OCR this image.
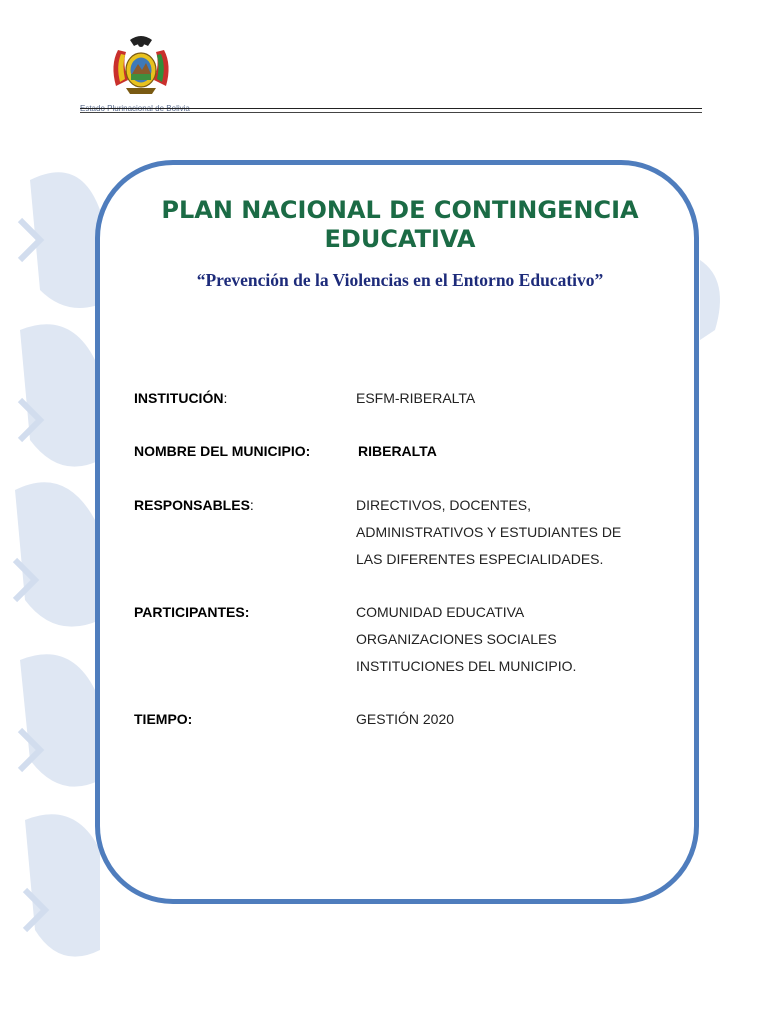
Estado Plurinacional de Bolivia
PLAN NACIONAL DE CONTINGENCIA
EDUCATIVA
“Prevención de la Violencias en el Entorno Educativo”
INSTITUCIÓN:	ESFM-RIBERALTA
NOMBRE DEL MUNICIPIO:	RIBERALTA
RESPONSABLES:	DIRECTIVOS, DOCENTES,
ADMINISTRATIVOS Y ESTUDIANTES DE
LAS DIFERENTES ESPECIALIDADES.
PARTICIPANTES:	COMUNIDAD EDUCATIVA
ORGANIZACIONES SOCIALES
INSTITUCIONES DEL MUNICIPIO.
TIEMPO:	GESTIÓN 2020
